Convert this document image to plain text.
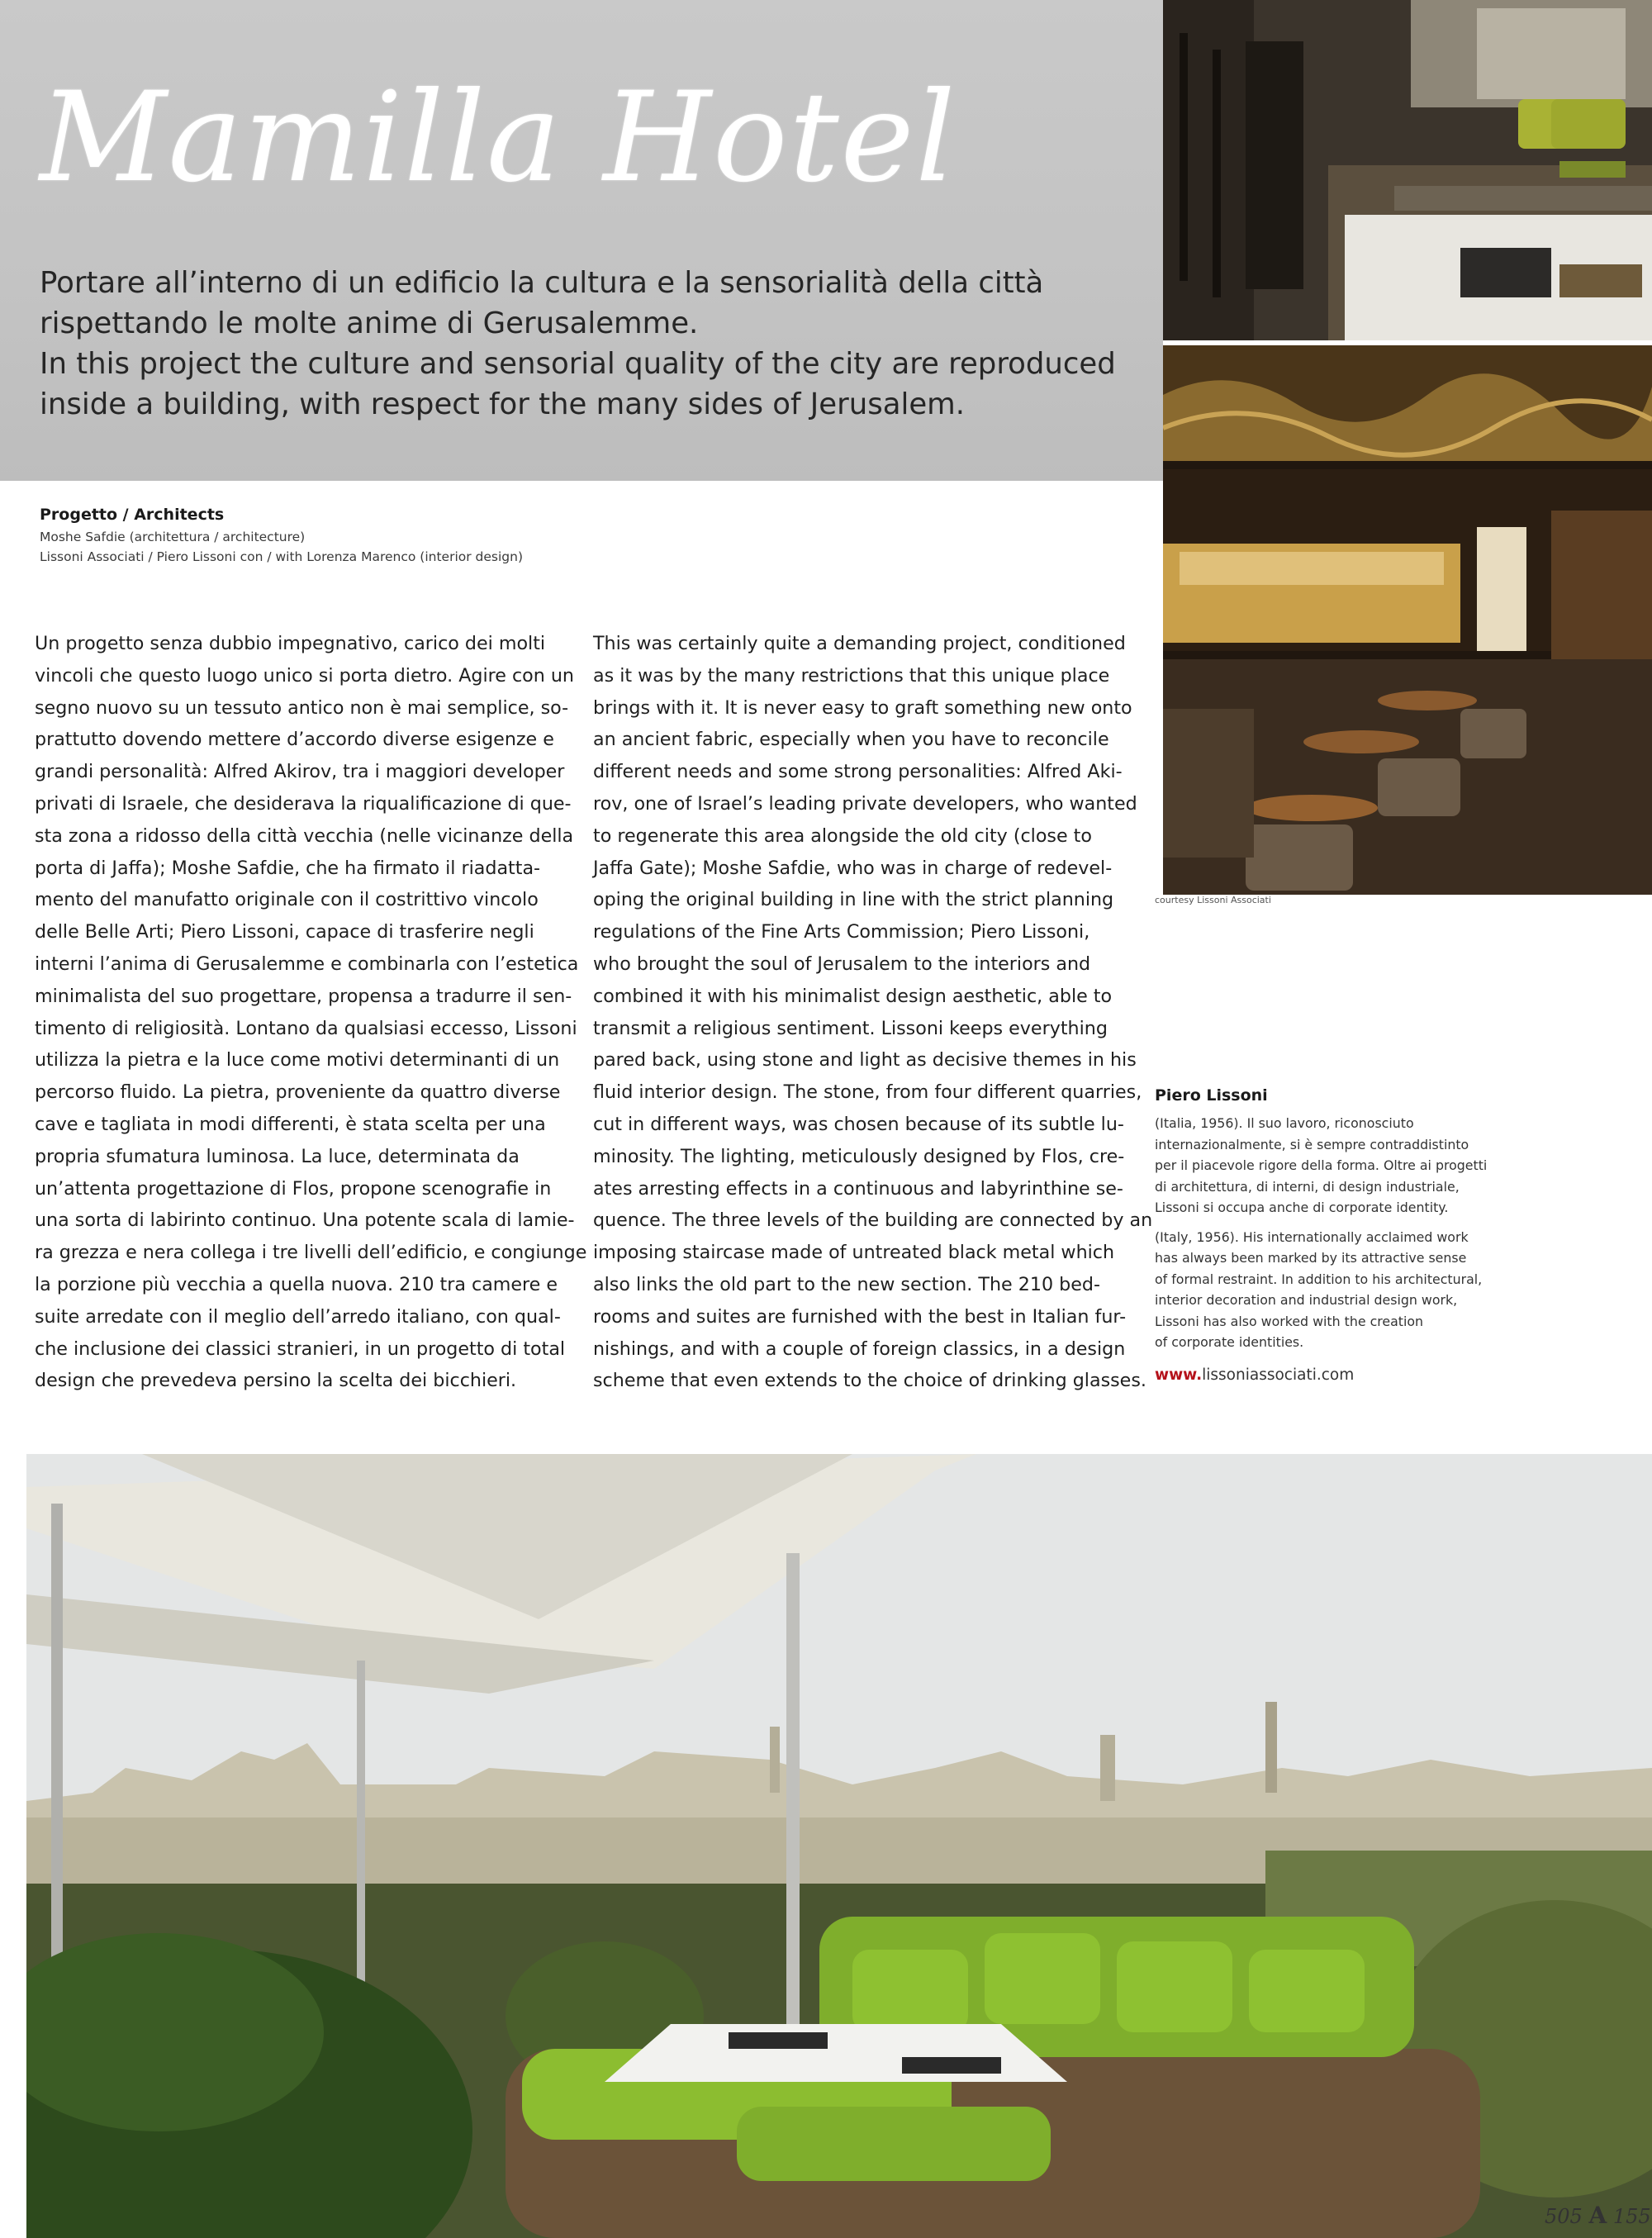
Mamilla Hotel
Portare all’interno di un edificio la cultura e la sensorialità della città
rispettando le molte anime di Gerusalemme.
In this project the culture and sensorial quality of the city are reproduced
inside a building, with respect for the many sides of Jerusalem.
courtesy Lissoni Associati
Progetto / Architects
Moshe Safdie (architettura / architecture)
Lissoni Associati / Piero Lissoni con / with Lorenza Marenco (interior design)
Un progetto senza dubbio impegnativo, carico dei molti
vincoli che questo luogo unico si porta dietro. Agire con un
segno nuovo su un tessuto antico non è mai semplice, so-
prattutto dovendo mettere d’accordo diverse esigenze e
grandi personalità: Alfred Akirov, tra i maggiori developer
privati di Israele, che desiderava la riqualificazione di que-
sta zona a ridosso della città vecchia (nelle vicinanze della
porta di Jaffa); Moshe Safdie, che ha firmato il riadatta-
mento del manufatto originale con il costrittivo vincolo
delle Belle Arti; Piero Lissoni, capace di trasferire negli
interni l’anima di Gerusalemme e combinarla con l’estetica
minimalista del suo progettare, propensa a tradurre il sen-
timento di religiosità. Lontano da qualsiasi eccesso, Lissoni
utilizza la pietra e la luce come motivi determinanti di un
percorso fluido. La pietra, proveniente da quattro diverse
cave e tagliata in modi differenti, è stata scelta per una
propria sfumatura luminosa. La luce, determinata da
un’attenta progettazione di Flos, propone scenografie in
una sorta di labirinto continuo. Una potente scala di lamie-
ra grezza e nera collega i tre livelli dell’edificio, e congiunge
la porzione più vecchia a quella nuova. 210 tra camere e
suite arredate con il meglio dell’arredo italiano, con qual-
che inclusione dei classici stranieri, in un progetto di total
design che prevedeva persino la scelta dei bicchieri.
This was certainly quite a demanding project, conditioned
as it was by the many restrictions that this unique place
brings with it. It is never easy to graft something new onto
an ancient fabric, especially when you have to reconcile
different needs and some strong personalities: Alfred Aki-
rov, one of Israel’s leading private developers, who wanted
to regenerate this area alongside the old city (close to
Jaffa Gate); Moshe Safdie, who was in charge of redevel-
oping the original building in line with the strict planning
regulations of the Fine Arts Commission; Piero Lissoni,
who brought the soul of Jerusalem to the interiors and
combined it with his minimalist design aesthetic, able to
transmit a religious sentiment. Lissoni keeps everything
pared back, using stone and light as decisive themes in his
fluid interior design. The stone, from four different quarries,
cut in different ways, was chosen because of its subtle lu-
minosity. The lighting, meticulously designed by Flos, cre-
ates arresting effects in a continuous and labyrinthine se-
quence. The three levels of the building are connected by an
imposing staircase made of untreated black metal which
also links the old part to the new section. The 210 bed-
rooms and suites are furnished with the best in Italian fur-
nishings, and with a couple of foreign classics, in a design
scheme that even extends to the choice of drinking glasses.
Piero Lissoni
(Italia, 1956). Il suo lavoro, riconosciuto
internazionalmente, si è sempre contraddistinto
per il piacevole rigore della forma. Oltre ai progetti
di architettura, di interni, di design industriale,
Lissoni si occupa anche di corporate identity.
(Italy, 1956). His internationally acclaimed work
has always been marked by its attractive sense
of formal restraint. In addition to his architectural,
interior decoration and industrial design work,
Lissoni has also worked with the creation
of corporate identities.
www.lissoniassociati.com
505 A 155
